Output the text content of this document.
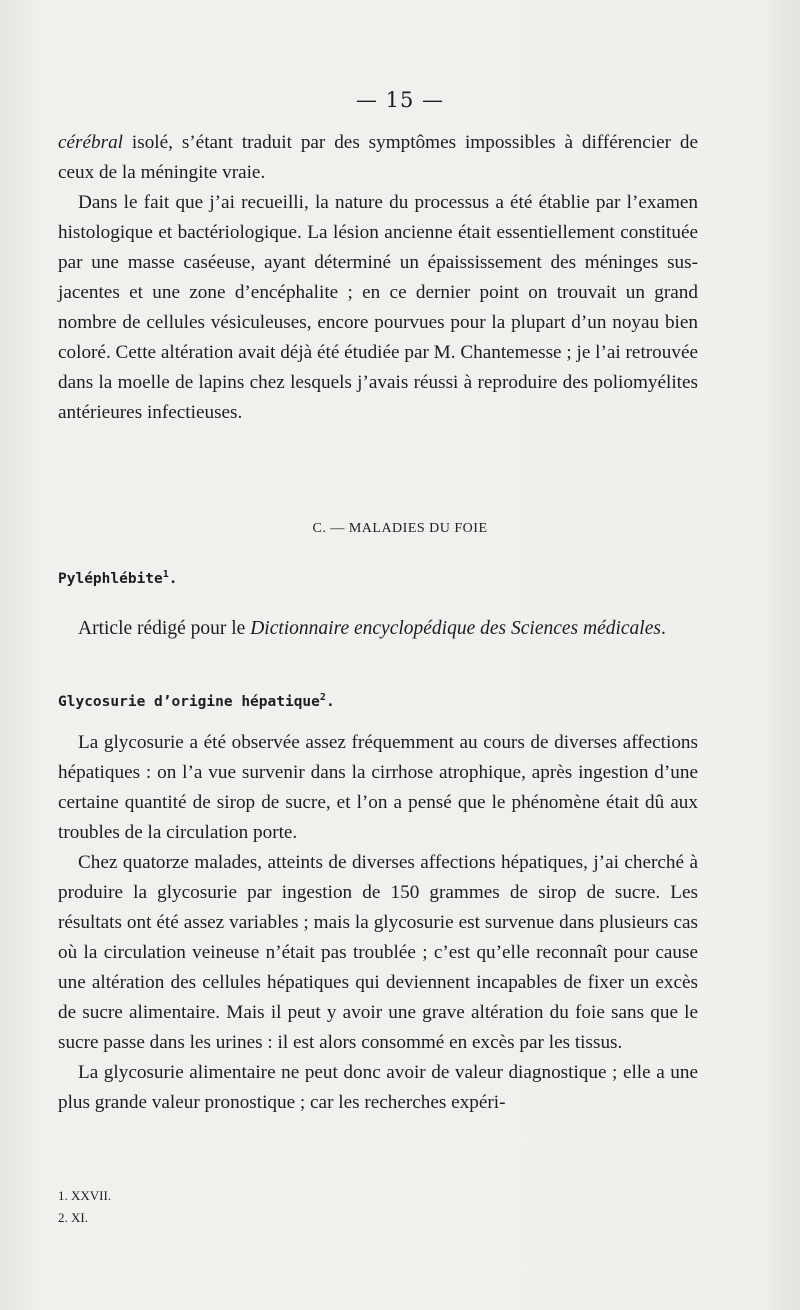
— 15 —

cérébral isolé, s’étant traduit par des symptômes impossibles à différencier de ceux de la méningite vraie.

Dans le fait que j’ai recueilli, la nature du processus a été établie par l’examen histologique et bactériologique. La lésion ancienne était essentiellement constituée par une masse caséeuse, ayant déterminé un épaississement des méninges sus-jacentes et une zone d’encéphalite ; en ce dernier point on trouvait un grand nombre de cellules vésiculeuses, encore pourvues pour la plupart d’un noyau bien coloré. Cette altération avait déjà été étudiée par M. Chantemesse ; je l’ai retrouvée dans la moelle de lapins chez lesquels j’avais réussi à reproduire des poliomyélites antérieures infectieuses.

C. — MALADIES DU FOIE
Pyléphlébite$^1$.
Article rédigé pour le Dictionnaire encyclopédique des Sciences médicales.
Glycosurie d’origine hépatique$^2$.

La glycosurie a été observée assez fréquemment au cours de diverses affections hépatiques : on l’a vue survenir dans la cirrhose atrophique, après ingestion d’une certaine quantité de sirop de sucre, et l’on a pensé que le phénomène était dû aux troubles de la circulation porte.

Chez quatorze malades, atteints de diverses affections hépatiques, j’ai cherché à produire la glycosurie par ingestion de 150 grammes de sirop de sucre. Les résultats ont été assez variables ; mais la glycosurie est survenue dans plusieurs cas où la circulation veineuse n’était pas troublée ; c’est qu’elle reconnaît pour cause une altération des cellules hépatiques qui deviennent incapables de fixer un excès de sucre alimentaire. Mais il peut y avoir une grave altération du foie sans que le sucre passe dans les urines : il est alors consommé en excès par les tissus.

La glycosurie alimentaire ne peut donc avoir de valeur diagnostique ; elle a une plus grande valeur pronostique ; car les recherches expéri-

1. XXVII.
2. XI.
